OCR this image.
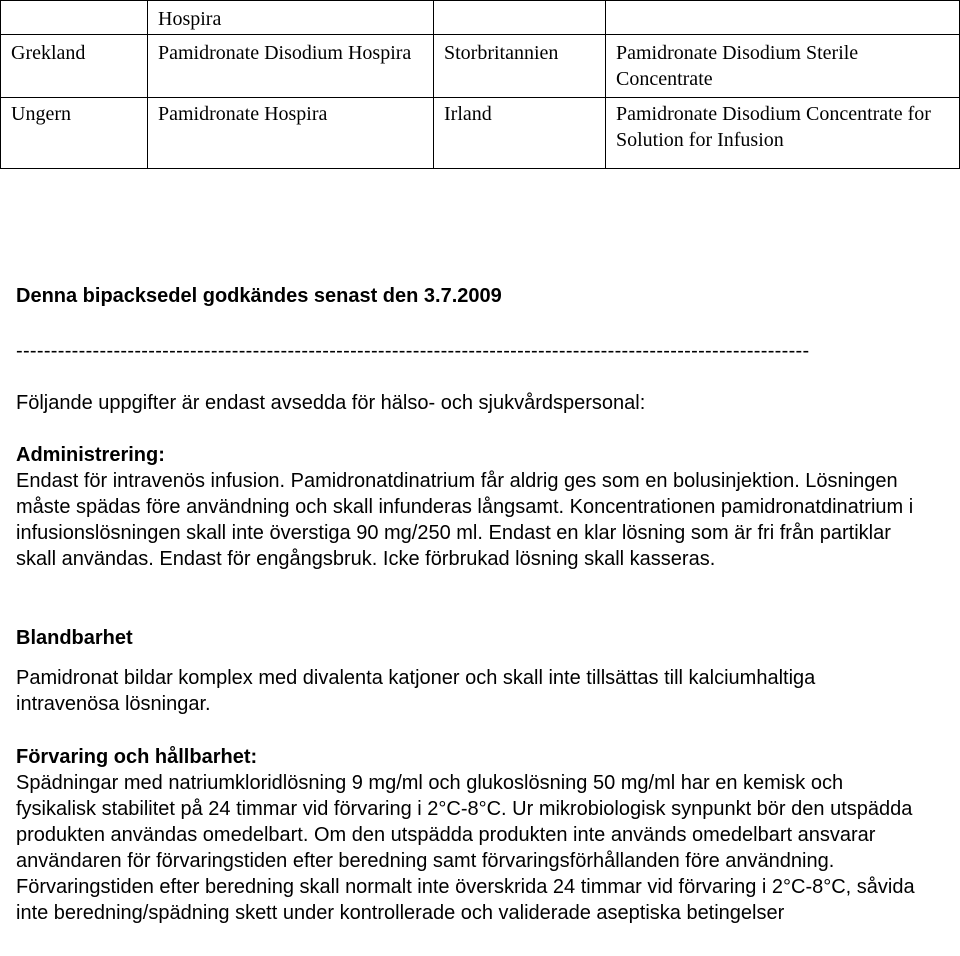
	Hospira		
Grekland	Pamidronate Disodium Hospira	Storbritannien	Pamidronate Disodium Sterile Concentrate
Ungern	Pamidronate Hospira	Irland	Pamidronate Disodium Concentrate for Solution for Infusion
Denna bipacksedel godkändes senast den 3.7.2009
------------------------------------------------------------------------------------------------------------------

Följande uppgifter är endast avsedda för hälso- och sjukvårdspersonal:

Administrering:

Endast för intravenös infusion. Pamidronatdinatrium får aldrig ges som en bolusinjektion. Lösningen måste spädas före användning och skall infunderas långsamt. Koncentrationen pamidronatdinatrium i infusionslösningen skall inte överstiga 90 mg/250 ml. Endast en klar lösning som är fri från partiklar skall användas. Endast för engångsbruk. Icke förbrukad lösning skall kasseras.

Blandbarhet

Pamidronat bildar komplex med divalenta katjoner och skall inte tillsättas till kalciumhaltiga intravenösa lösningar.

Förvaring och hållbarhet:

Spädningar med natriumkloridlösning 9 mg/ml och glukoslösning 50 mg/ml har en kemisk och fysikalisk stabilitet på 24 timmar vid förvaring i 2°C-8°C. Ur mikrobiologisk synpunkt bör den utspädda produkten användas omedelbart. Om den utspädda produkten inte används omedelbart ansvarar användaren för förvaringstiden efter beredning samt förvaringsförhållanden före användning. Förvaringstiden efter beredning skall normalt inte överskrida 24 timmar vid förvaring i 2°C-8°C, såvida inte beredning/spädning skett under kontrollerade och validerade aseptiska betingelser
